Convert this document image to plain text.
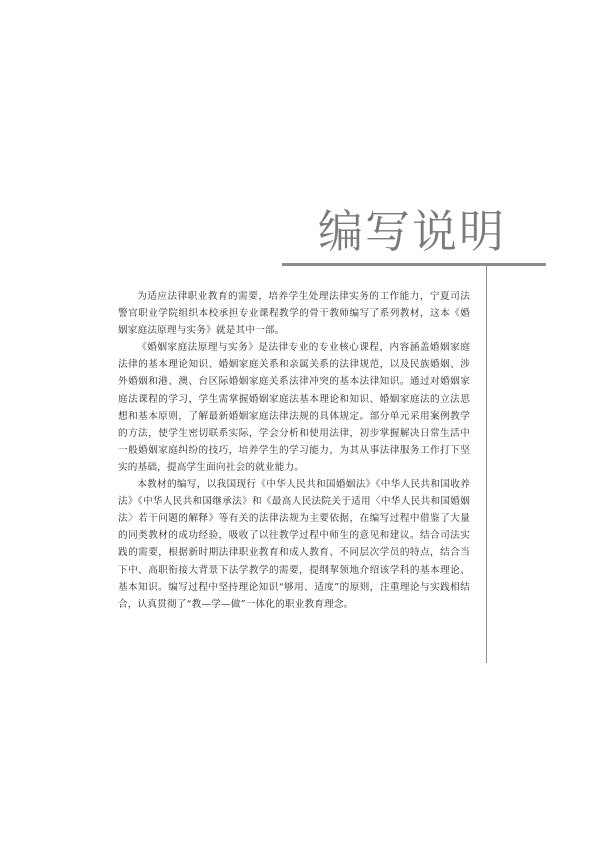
编写说明

为适应法律职业教育的需要，培养学生处理法律实务的工作能力，宁夏司法警官职业学院组织本校承担专业课程教学的骨干教师编写了系列教材，这本《婚姻家庭法原理与实务》就是其中一部。

《婚姻家庭法原理与实务》是法律专业的专业核心课程，内容涵盖婚姻家庭法律的基本理论知识、婚姻家庭关系和亲属关系的法律规范，以及民族婚姻、涉外婚姻和港、澳、台区际婚姻家庭关系法律冲突的基本法律知识。通过对婚姻家庭法课程的学习，学生需掌握婚姻家庭法基本理论和知识、婚姻家庭法的立法思想和基本原则，了解最新婚姻家庭法律法规的具体规定。部分单元采用案例教学的方法，使学生密切联系实际，学会分析和使用法律，初步掌握解决日常生活中一般婚姻家庭纠纷的技巧，培养学生的学习能力，为其从事法律服务工作打下坚实的基础，提高学生面向社会的就业能力。

本教材的编写，以我国现行《中华人民共和国婚姻法》《中华人民共和国收养法》《中华人民共和国继承法》和《最高人民法院关于适用〈中华人民共和国婚姻法〉若干问题的解释》等有关的法律法规为主要依据，在编写过程中借鉴了大量的同类教材的成功经验，吸收了以往教学过程中师生的意见和建议。结合司法实践的需要，根据新时期法律职业教育和成人教育、不同层次学员的特点，结合当下中、高职衔接大背景下法学教学的需要，提纲挈领地介绍该学科的基本理论、基本知识。编写过程中坚持理论知识“够用、适度”的原则，注重理论与实践相结合，认真贯彻了“教—学—做”一体化的职业教育理念。
